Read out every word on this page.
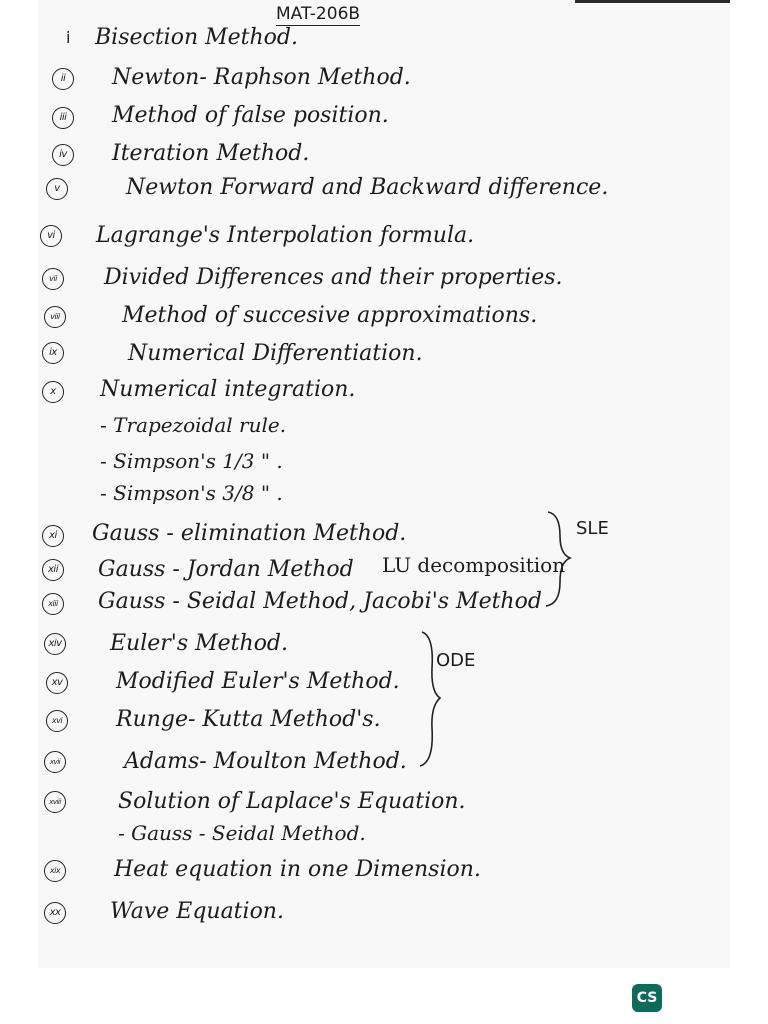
MAT-206B
i	Bisection Method.
ii	Newton- Raphson Method.
iii	Method of false position.
iv	Iteration Method.
v	Newton Forward and Backward difference.
vi	Lagrange's Interpolation formula.
vii	Divided Differences and their properties.
viii	Method of succesive approximations.
ix	Numerical Differentiation.
x	Numerical integration.
- Trapezoidal rule.
- Simpson's 1/3 " .
- Simpson's 3/8 " .
xi	Gauss - elimination Method.
xii Gauss - Jordan Method LU decomposition
xiii Gauss - Seidal Method, Jacobi's Method
SLE
xiv Euler's Method.
xv Modified Euler's Method.
xvi Runge- Kutta Method's.
xvii	Adams- Moulton Method.
ODE
xviii	Solution of Laplace's Equation.
- Gauss - Seidal Method.
xix Heat equation in one Dimension.
xx Wave Equation.
CS
